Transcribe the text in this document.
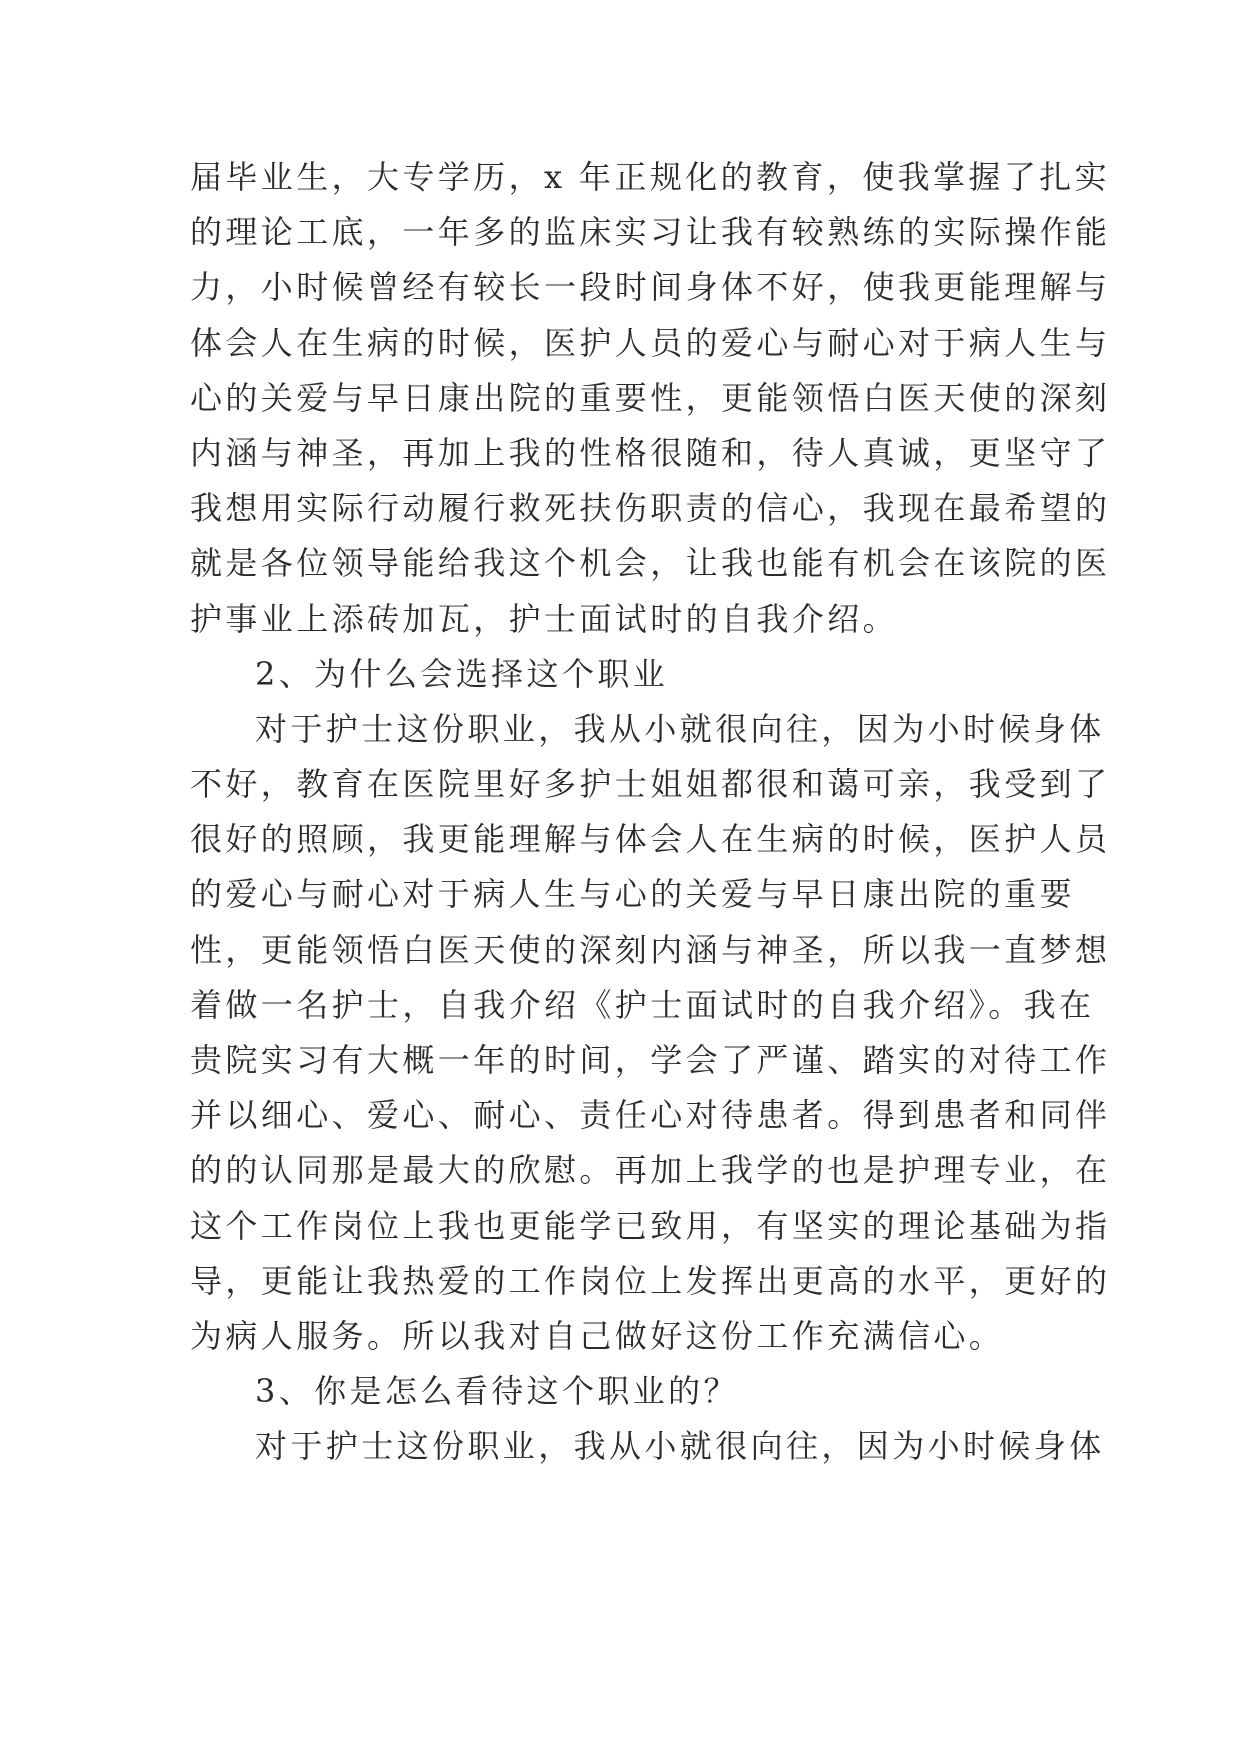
届毕业生，大专学历，x 年正规化的教育，使我掌握了扎实
的理论工底，一年多的监床实习让我有较熟练的实际操作能
力，小时候曾经有较长一段时间身体不好，使我更能理解与
体会人在生病的时候，医护人员的爱心与耐心对于病人生与
心的关爱与早日康出院的重要性，更能领悟白医天使的深刻
内涵与神圣，再加上我的性格很随和，待人真诚，更坚守了
我想用实际行动履行救死扶伤职责的信心，我现在最希望的
就是各位领导能给我这个机会，让我也能有机会在该院的医
护事业上添砖加瓦，护士面试时的自我介绍。
2、为什么会选择这个职业
对于护士这份职业，我从小就很向往，因为小时候身体
不好，教育在医院里好多护士姐姐都很和蔼可亲，我受到了
很好的照顾，我更能理解与体会人在生病的时候，医护人员
的爱心与耐心对于病人生与心的关爱与早日康出院的重要
性，更能领悟白医天使的深刻内涵与神圣，所以我一直梦想
着做一名护士，自我介绍《护士面试时的自我介绍》。我在
贵院实习有大概一年的时间，学会了严谨、踏实的对待工作
并以细心、爱心、耐心、责任心对待患者。得到患者和同伴
的的认同那是最大的欣慰。再加上我学的也是护理专业，在
这个工作岗位上我也更能学已致用，有坚实的理论基础为指
导，更能让我热爱的工作岗位上发挥出更高的水平，更好的
为病人服务。所以我对自己做好这份工作充满信心。
3、你是怎么看待这个职业的？
对于护士这份职业，我从小就很向往，因为小时候身体
